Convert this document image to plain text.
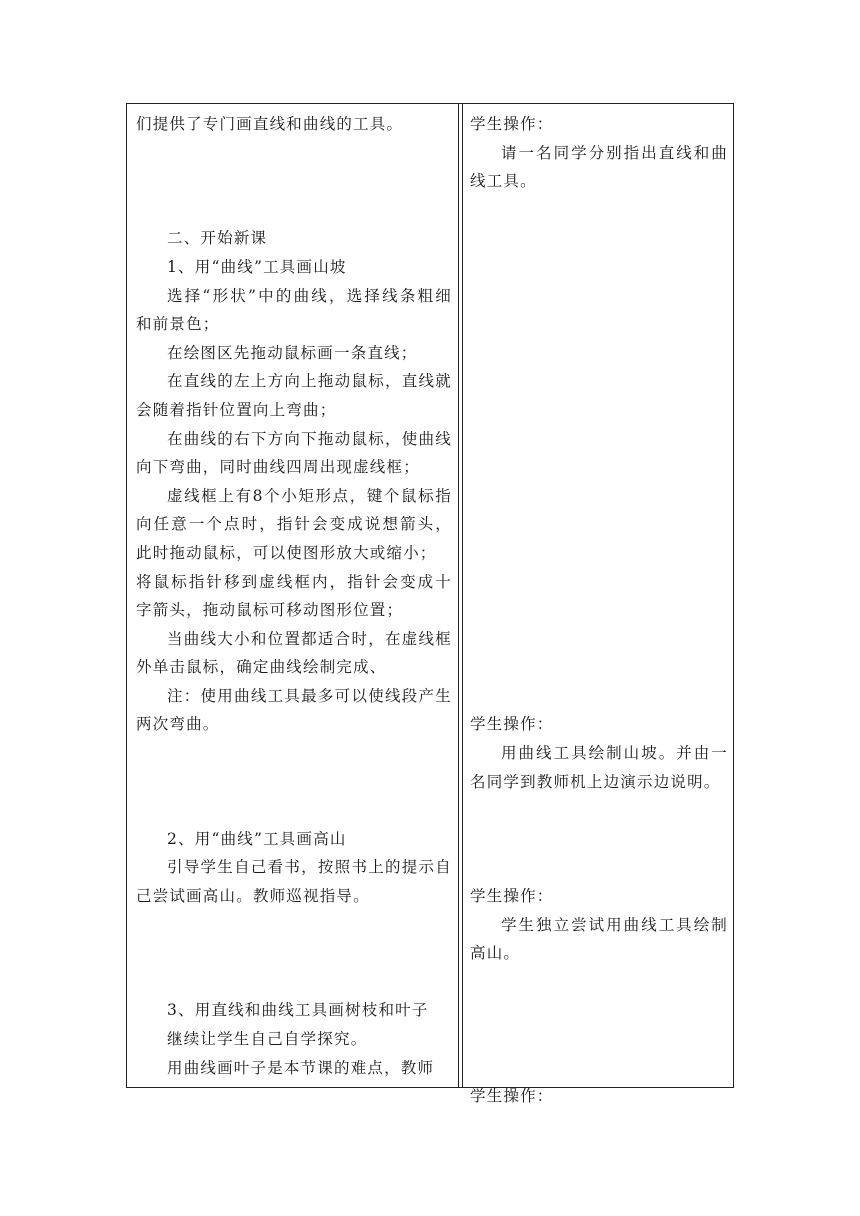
们提供了专门画直线和曲线的工具。

二、开始新课

1、用“曲线”工具画山坡

选择“形状”中的曲线，选择线条粗细和前景色；

在绘图区先拖动鼠标画一条直线；

在直线的左上方向上拖动鼠标，直线就会随着指针位置向上弯曲；

在曲线的右下方向下拖动鼠标，使曲线向下弯曲，同时曲线四周出现虚线框；

虚线框上有8个小矩形点，键个鼠标指向任意一个点时，指针会变成说想箭头，此时拖动鼠标，可以使图形放大或缩小；

将鼠标指针移到虚线框内，指针会变成十字箭头，拖动鼠标可移动图形位置；

当曲线大小和位置都适合时，在虚线框外单击鼠标，确定曲线绘制完成、

注：使用曲线工具最多可以使线段产生两次弯曲。

2、用“曲线”工具画高山

引导学生自己看书，按照书上的提示自己尝试画高山。教师巡视指导。

3、用直线和曲线工具画树枝和叶子

继续让学生自己自学探究。

用曲线画叶子是本节课的难点，教师

学生操作：

请一名同学分别指出直线和曲线工具。

学生操作：

用曲线工具绘制山坡。并由一名同学到教师机上边演示边说明。

学生操作：

学生独立尝试用曲线工具绘制高山。

学生操作：
